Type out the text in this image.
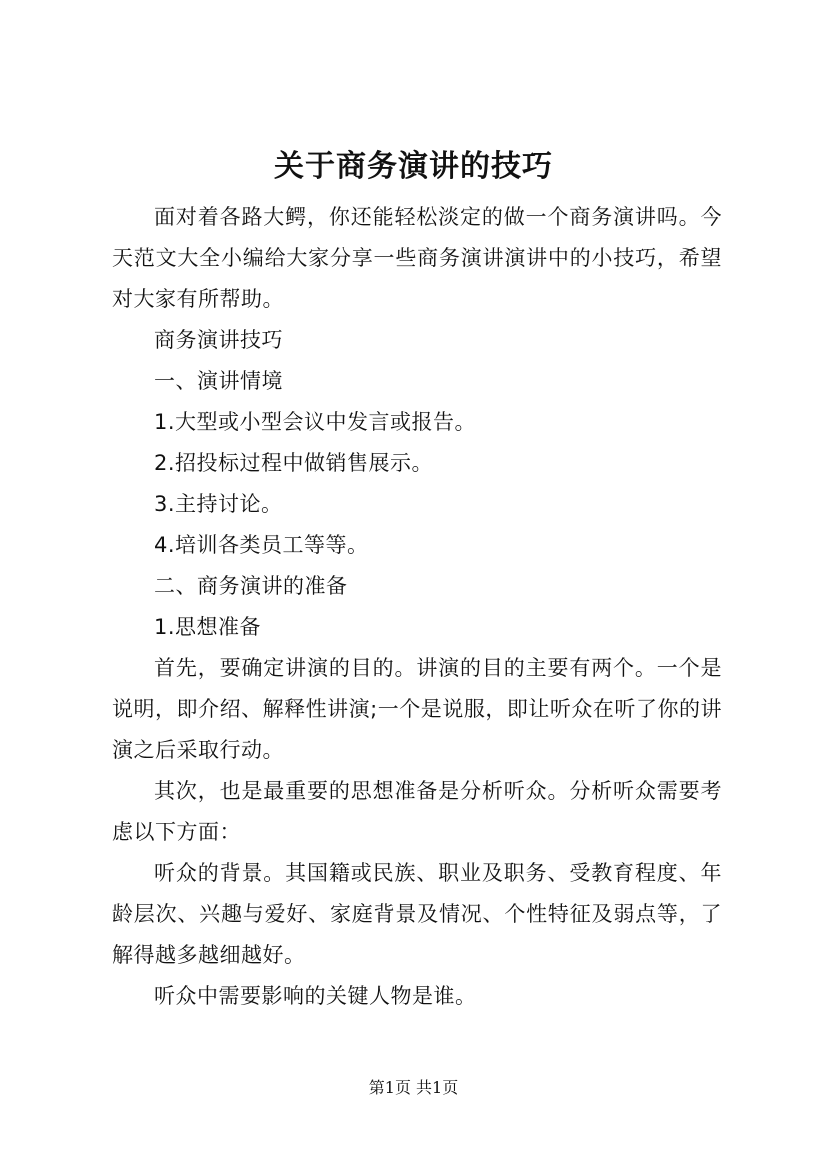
关于商务演讲的技巧

面对着各路大鳄，你还能轻松淡定的做一个商务演讲吗。今天范文大全小编给大家分享一些商务演讲演讲中的小技巧，希望对大家有所帮助。

商务演讲技巧

一、演讲情境

1.大型或小型会议中发言或报告。

2.招投标过程中做销售展示。

3.主持讨论。

4.培训各类员工等等。

二、商务演讲的准备

1.思想准备

首先，要确定讲演的目的。讲演的目的主要有两个。一个是说明，即介绍、解释性讲演;一个是说服，即让听众在听了你的讲演之后采取行动。

其次，也是最重要的思想准备是分析听众。分析听众需要考虑以下方面：

听众的背景。其国籍或民族、职业及职务、受教育程度、年龄层次、兴趣与爱好、家庭背景及情况、个性特征及弱点等，了解得越多越细越好。

听众中需要影响的关键人物是谁。

第1页 共1页
